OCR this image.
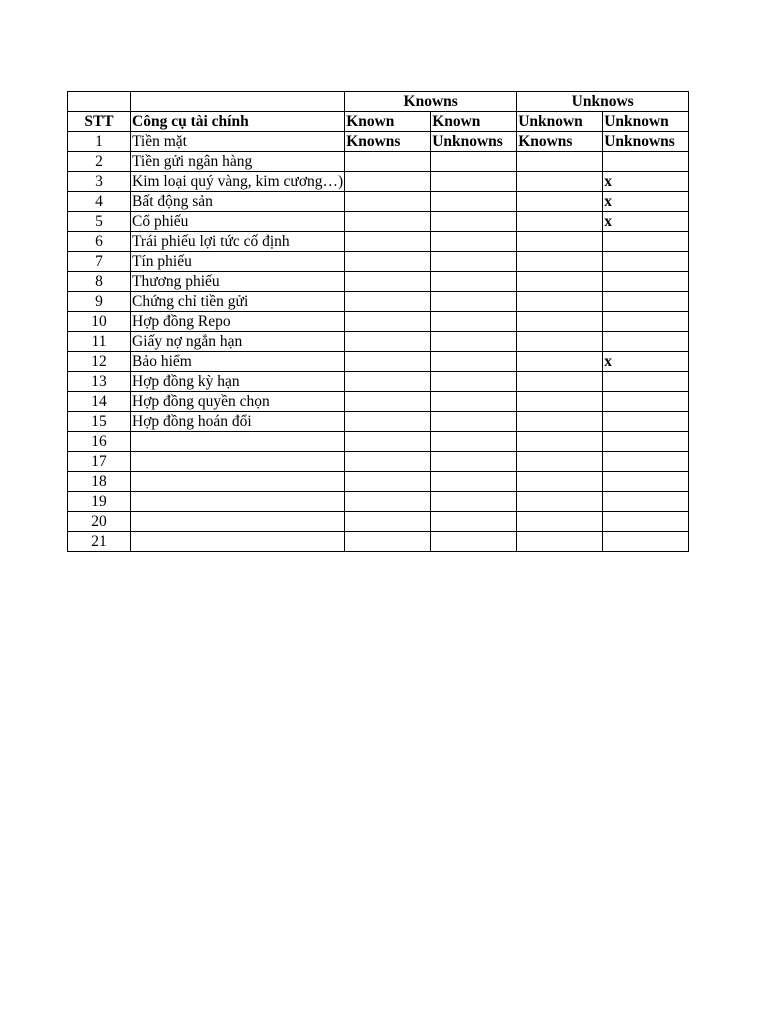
		Knowns		Unknows	
STT	Công cụ tài chính	Known	Known	Unknown	Unknown
1	Tiền mặt	Knowns	Unknowns	Knowns	Unknowns
2	Tiền gửi ngân hàng				
3	Kim loại quý vàng, kim cương…)				x
4	Bất động sản				x
5	Cổ phiếu				x
6	Trái phiếu lợi tức cố định				
7	Tín phiếu				
8	Thương phiếu				
9	Chứng chỉ tiền gửi				
10	Hợp đồng Repo				
11	Giấy nợ ngắn hạn				
12	Bảo hiểm				x
13	Hợp đồng kỳ hạn				
14	Hợp đồng quyền chọn				
15	Hợp đồng hoán đổi				
16					
17					
18					
19					
20					
21					
